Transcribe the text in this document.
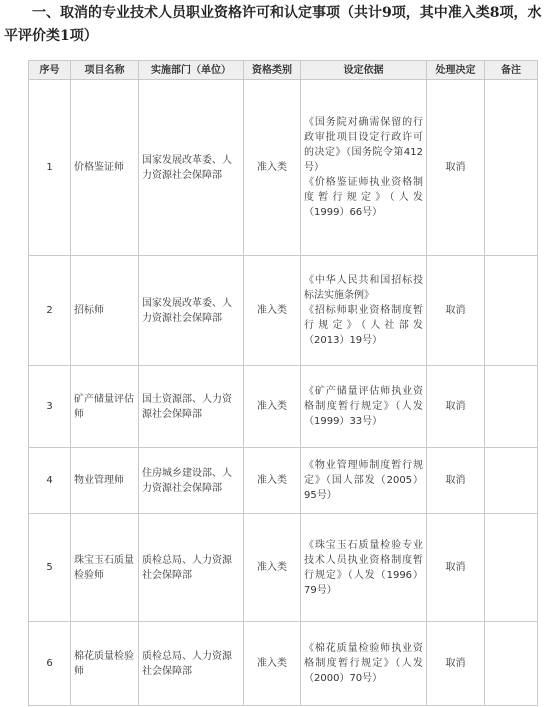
一、取消的专业技术人员职业资格许可和认定事项（共计9项，其中准入类8项，水平评价类1项）
序号	项目名称	实施部门（单位）	资格类别	设定依据	处理决定	备注
1	价格鉴证师	国家发展改革委、人力资源社会保障部	准入类	《国务院对确需保留的行政审批项目设定行政许可的决定》（国务院令第412号）
《价格鉴证师执业资格制度暂行规定》（人发（1999）66号）	取消	
2	招标师	国家发展改革委、人力资源社会保障部	准入类	《中华人民共和国招标投标法实施条例》
《招标师职业资格制度暂行规定》（人社部发（2013）19号）	取消	
3	矿产储量评估师	国土资源部、人力资源社会保障部	准入类	《矿产储量评估师执业资格制度暂行规定》（人发（1999）33号）	取消	
4	物业管理师	住房城乡建设部、人力资源社会保障部	准入类	《物业管理师制度暂行规定》（国人部发（2005）95号）	取消	
5	珠宝玉石质量检验师	质检总局、人力资源社会保障部	准入类	《珠宝玉石质量检验专业技术人员执业资格制度暂行规定》（人发（1996）79号）	取消	
6	棉花质量检验师	质检总局、人力资源社会保障部	准入类	《棉花质量检验师执业资格制度暂行规定》（人发（2000）70号）	取消	
